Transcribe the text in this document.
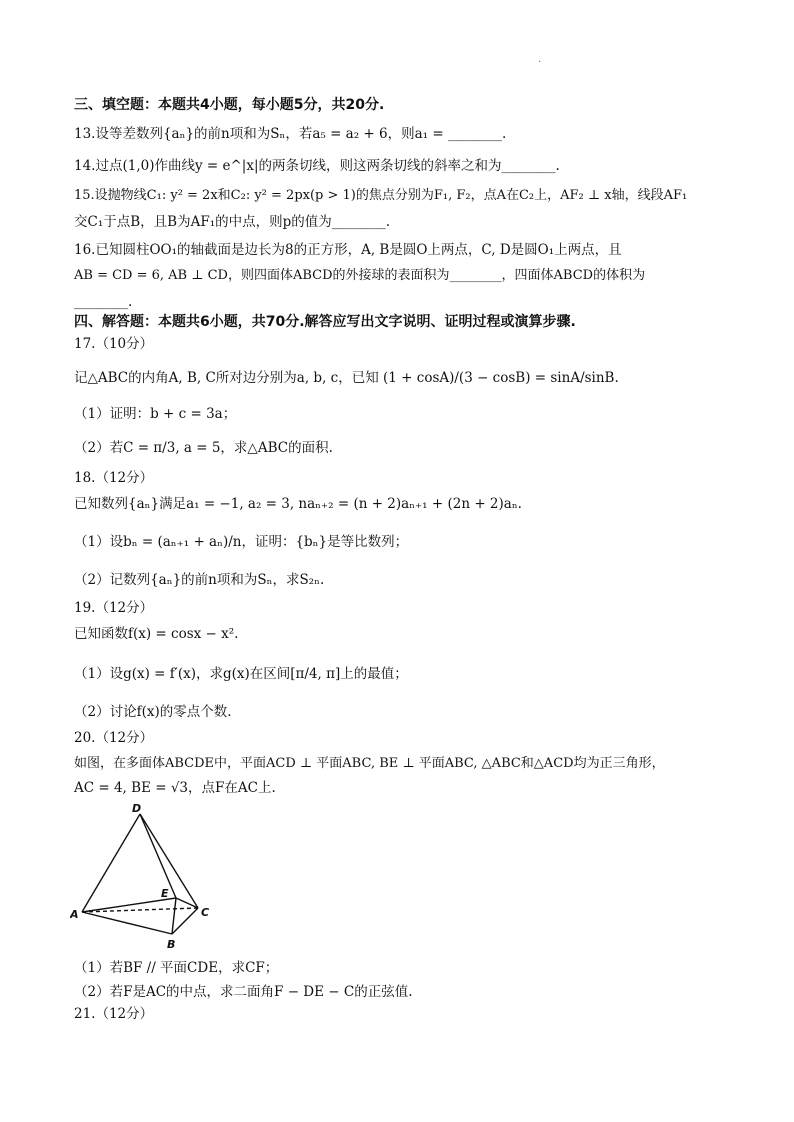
.
三、填空题：本题共4小题，每小题5分，共20分.
13.设等差数列{aₙ}的前n项和为Sₙ，若a₅ = a₂ + 6，则a₁ = ________.
14.过点(1,0)作曲线y = e^|x|的两条切线，则这两条切线的斜率之和为________.
15.设抛物线C₁: y² = 2x和C₂: y² = 2px(p > 1)的焦点分别为F₁, F₂，点A在C₂上，AF₂ ⊥ x轴，线段AF₁
交C₁于点B，且B为AF₁的中点，则p的值为________.
16.已知圆柱OO₁的轴截面是边长为8的正方形，A, B是圆O上两点，C, D是圆O₁上两点，且
AB = CD = 6, AB ⊥ CD，则四面体ABCD的外接球的表面积为________，四面体ABCD的体积为
________.
四、解答题：本题共6小题，共70分.解答应写出文字说明、证明过程或演算步骤.
17.（10分）
记△ABC的内角A, B, C所对边分别为a, b, c，已知 (1 + cosA)/(3 − cosB) = sinA/sinB.
（1）证明：b + c = 3a；
（2）若C = π/3, a = 5，求△ABC的面积.
18.（12分）
已知数列{aₙ}满足a₁ = −1, a₂ = 3, naₙ₊₂ = (n + 2)aₙ₊₁ + (2n + 2)aₙ.
（1）设bₙ = (aₙ₊₁ + aₙ)/n，证明：{bₙ}是等比数列；
（2）记数列{aₙ}的前n项和为Sₙ，求S₂ₙ.
19.（12分）
已知函数f(x) = cosx − x².
（1）设g(x) = f′(x)，求g(x)在区间[π/4, π]上的最值；
（2）讨论f(x)的零点个数.
20.（12分）
如图，在多面体ABCDE中，平面ACD ⊥ 平面ABC, BE ⊥ 平面ABC, △ABC和△ACD均为正三角形，
AC = 4, BE = √3，点F在AC上.
D
E
A	C
B
（1）若BF // 平面CDE，求CF；
（2）若F是AC的中点，求二面角F − DE − C的正弦值.
21.（12分）
